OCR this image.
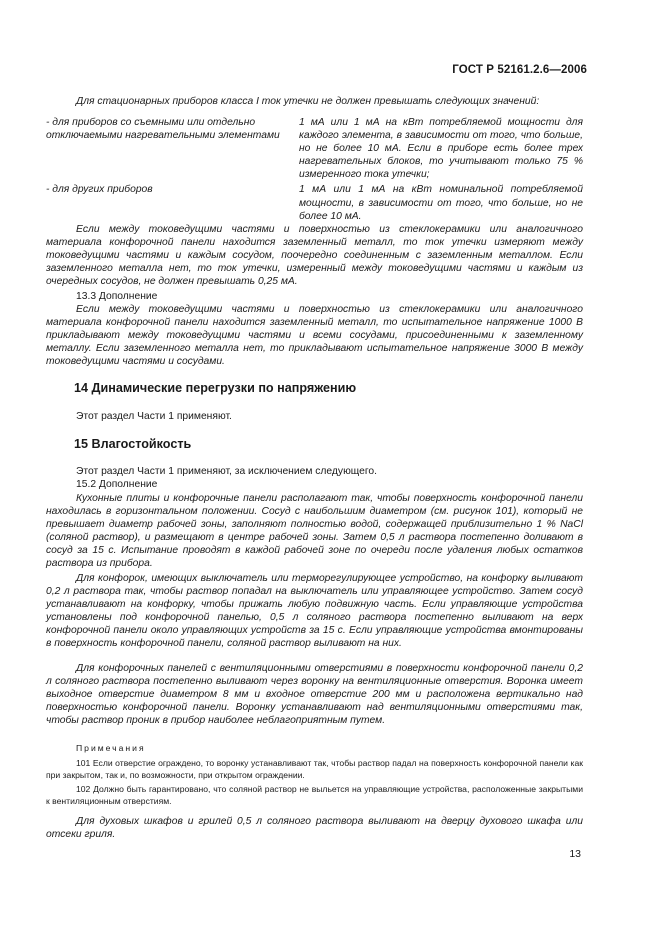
ГОСТ Р 52161.2.6—2006
Для стационарных приборов класса I ток утечки не должен превышать следующих значений:
- для приборов со съемными или отдельно отключаемыми нагревательными элементами
1 мА или 1 мА на кВт потребляемой мощности для каждого элемента, в зависимости от того, что больше, но не более 10 мА. Если в приборе есть более трех нагревательных блоков, то учитывают только 75 % измеренного тока утечки;
- для других приборов	1 мА или 1 мА на кВт номинальной потребляемой мощности, в зависимости от того, что больше, но не более 10 мА.
Если между токоведущими частями и поверхностью из стеклокерамики или аналогичного материала конфорочной панели находится заземленный металл, то ток утечки измеряют между токоведущими частями и каждым сосудом, поочередно соединенным с заземленным металлом. Если заземленного металла нет, то ток утечки, измеренный между токоведущими частями и каждым из очередных сосудов, не должен превышать 0,25 мА.
13.3 Дополнение
Если между токоведущими частями и поверхностью из стеклокерамики или аналогичного материала конфорочной панели находится заземленный металл, то испытательное напряжение 1000 В прикладывают между токоведущими частями и всеми сосудами, присоединенными к заземленному металлу. Если заземленного металла нет, то прикладывают испытательное напряжение 3000 В между токоведущими частями и сосудами.
14 Динамические перегрузки по напряжению
Этот раздел Части 1 применяют.
15 Влагостойкость
Этот раздел Части 1 применяют, за исключением следующего.
15.2 Дополнение
Кухонные плиты и конфорочные панели располагают так, чтобы поверхность конфорочной панели находилась в горизонтальном положении. Сосуд с наибольшим диаметром (см. рисунок 101), который не превышает диаметр рабочей зоны, заполняют полностью водой, содержащей приблизительно 1 % NaCl (соляной раствор), и размещают в центре рабочей зоны. Затем 0,5 л раствора постепенно доливают в сосуд за 15 с. Испытание проводят в каждой рабочей зоне по очереди после удаления любых остатков раствора из прибора.
Для конфорок, имеющих выключатель или терморегулирующее устройство, на конфорку выливают 0,2 л раствора так, чтобы раствор попадал на выключатель или управляющее устройство. Затем сосуд устанавливают на конфорку, чтобы прижать любую подвижную часть. Если управляющие устройства установлены под конфорочной панелью, 0,5 л соляного раствора постепенно выливают на верх конфорочной панели около управляющих устройств за 15 с. Если управляющие устройства вмонтированы в поверхность конфорочной панели, соляной раствор выливают на них.
Для конфорочных панелей с вентиляционными отверстиями в поверхности конфорочной панели 0,2 л соляного раствора постепенно выливают через воронку на вентиляционные отверстия. Воронка имеет выходное отверстие диаметром 8 мм и входное отверстие 200 мм и расположена вертикально над поверхностью конфорочной панели. Воронку устанавливают над вентиляционными отверстиями так, чтобы раствор проник в прибор наиболее неблагоприятным путем.
Примечания
101 Если отверстие ограждено, то воронку устанавливают так, чтобы раствор падал на поверхность конфорочной панели как при закрытом, так и, по возможности, при открытом ограждении.
102 Должно быть гарантировано, что соляной раствор не выльется на управляющие устройства, расположенные закрытыми к вентиляционным отверстиям.
Для духовых шкафов и грилей 0,5 л соляного раствора выливают на дверцу духового шкафа или отсеки гриля.
13
